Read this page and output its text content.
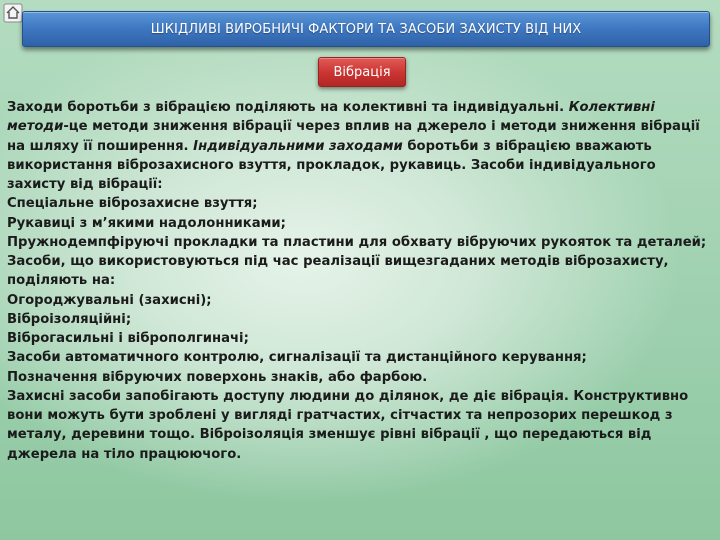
ШКІДЛИВІ ВИРОБНИЧІ ФАКТОРИ ТА ЗАСОБИ ЗАХИСТУ ВІД НИХ
Вібрація

Заходи боротьби з вібрацією поділяють на колективні та індивідуальні. Колективні методи-це методи зниження вібрації через вплив на джерело і методи зниження вібрації на шляху її поширення. Індивідуальними заходами боротьби з вібрацією вважають використання віброзахисного взуття, прокладок, рукавиць. Засоби індивідуального захисту від вібрації:

Спеціальне віброзахисне взуття;

Рукавиці з м’якими надолонниками;

Пружнодемпфіруючі прокладки та пластини для обхвату вібруючих рукояток та деталей;

Засоби, що використовуються під час реалізації вищезгаданих методів віброзахисту, поділяють на:

Огороджувальні (захисні);

Віброізоляційні;

Віброгасильні і віброполгиначі;

Засоби автоматичного контролю, сигналізації та дистанційного керування;

Позначення вібруючих поверхонь знаків, або фарбою.

Захисні засоби запобігають доступу людини до ділянок, де діє вібрація. Конструктивно вони можуть бути зроблені у вигляді гратчастих, сітчастих та непрозорих перешкод з металу, деревини тощо. Віброізоляція зменшує рівні вібрації , що передаються від джерела на тіло працюючого.
